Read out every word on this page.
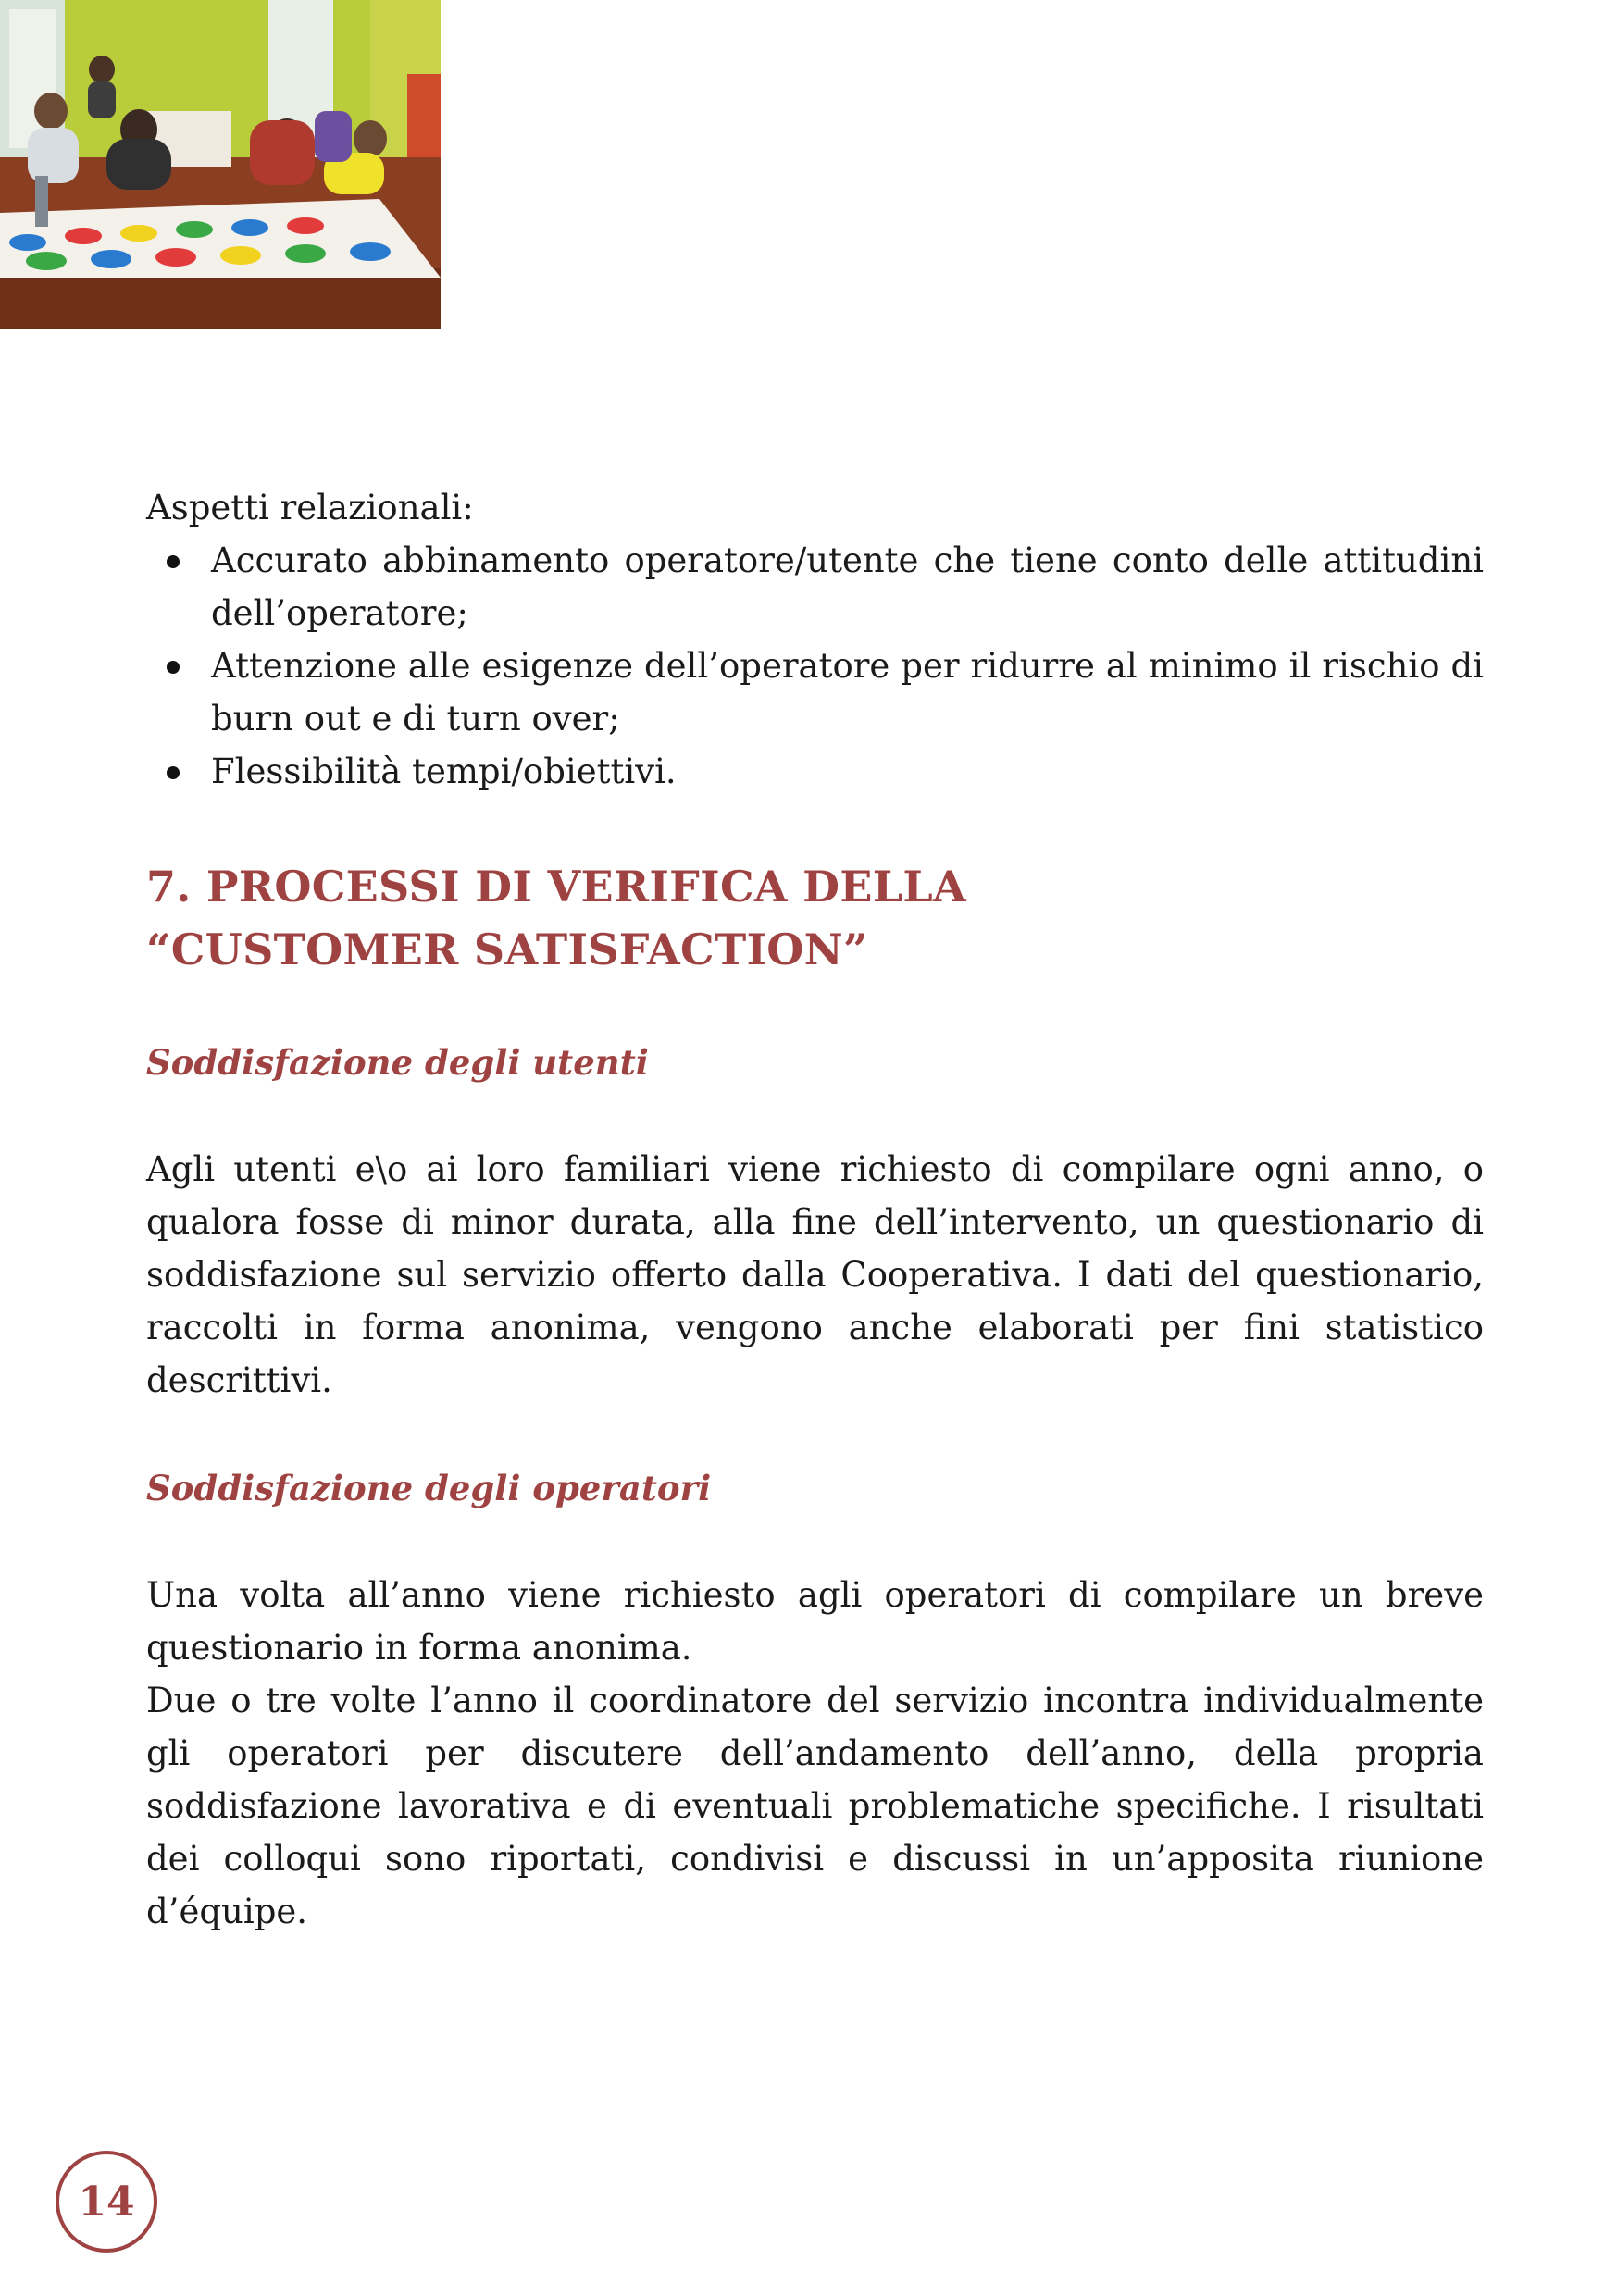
Aspetti relazionali:

Accurato abbinamento operatore/utente che tiene conto delle attitudini dell’operatore;
Attenzione alle esigenze dell’operatore per ridurre al minimo il rischio di burn out e di turn over;
Flessibilità tempi/obiettivi.
7. PROCESSI DI VERIFICA DELLA “CUSTOMER SATISFACTION”
Soddisfazione degli utenti

Agli utenti e\o ai loro familiari viene richiesto di compilare ogni anno, o qualora fosse di minor durata, alla fine dell’intervento, un questionario di soddisfazione sul servizio offerto dalla Cooperativa. I dati del questionario, raccolti in forma anonima, vengono anche elaborati per fini statistico descrittivi.

Soddisfazione degli operatori

Una volta all’anno viene richiesto agli operatori di compilare un breve questionario in forma anonima.

Due o tre volte l’anno il coordinatore del servizio incontra individualmente gli operatori per discutere dell’andamento dell’anno, della propria soddisfazione lavorativa e di eventuali problematiche specifiche. I risultati dei colloqui sono riportati, condivisi e discussi in un’apposita riunione d’équipe.

14
